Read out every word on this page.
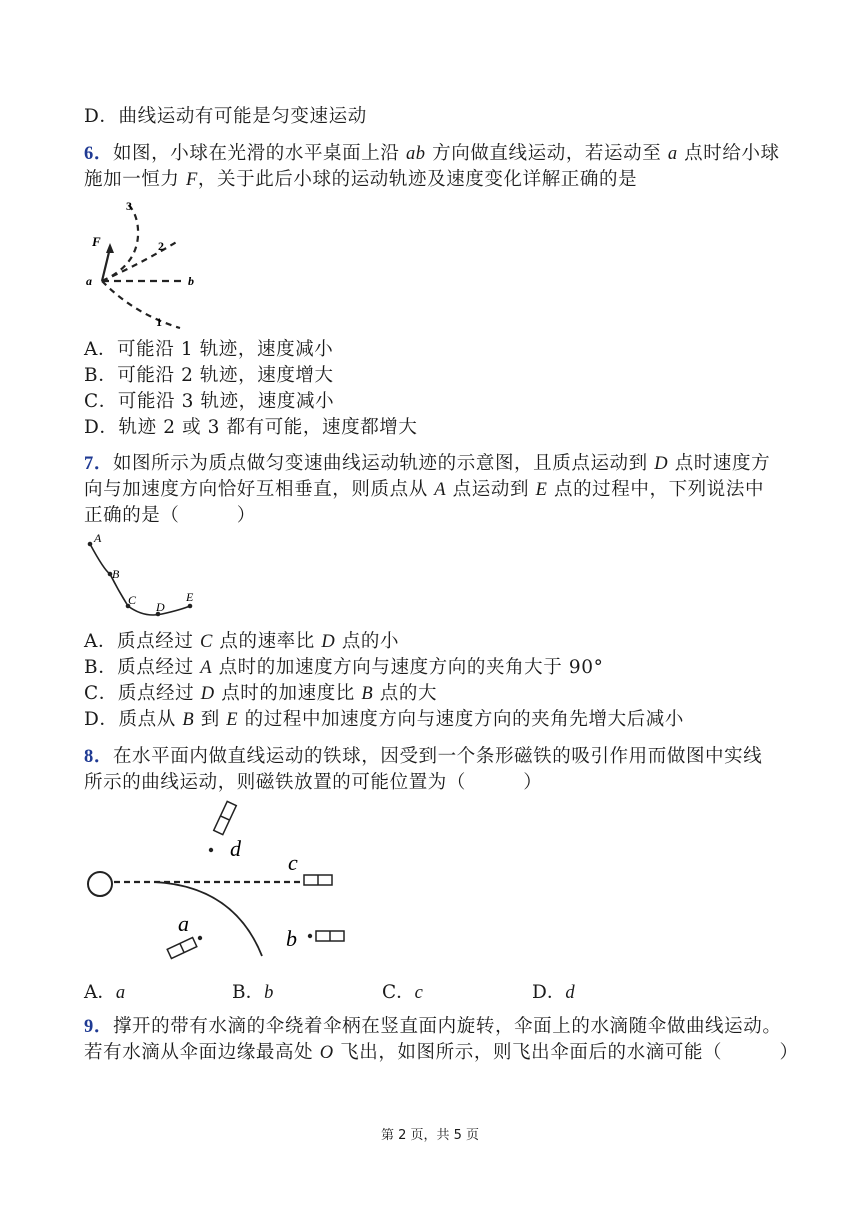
D．曲线运动有可能是匀变速运动
6．如图，小球在光滑的水平桌面上沿 ab 方向做直线运动，若运动至 a 点时给小球
施加一恒力 F，关于此后小球的运动轨迹及速度变化详解正确的是
F
a	b
1
2
3
A．可能沿 1 轨迹，速度减小
B．可能沿 2 轨迹，速度增大
C．可能沿 3 轨迹，速度减小
D．轨迹 2 或 3 都有可能，速度都增大
7．如图所示为质点做匀变速曲线运动轨迹的示意图，且质点运动到 D 点时速度方
向与加速度方向恰好互相垂直，则质点从 A 点运动到 E 点的过程中，下列说法中
正确的是（　　　）
A
B
C D
E
A．质点经过 C 点的速率比 D 点的小
B．质点经过 A 点时的加速度方向与速度方向的夹角大于 90°
C．质点经过 D 点时的加速度比 B 点的大
D．质点从 B 到 E 的过程中加速度方向与速度方向的夹角先增大后减小
8．在水平面内做直线运动的铁球，因受到一个条形磁铁的吸引作用而做图中实线
所示的曲线运动，则磁铁放置的可能位置为（　　　）
d
c
a
b
A．a	B．b	C．c	D．d
9．撑开的带有水滴的伞绕着伞柄在竖直面内旋转，伞面上的水滴随伞做曲线运动。
若有水滴从伞面边缘最高处 O 飞出，如图所示，则飞出伞面后的水滴可能（　　　）
第 2 页，共 5 页
